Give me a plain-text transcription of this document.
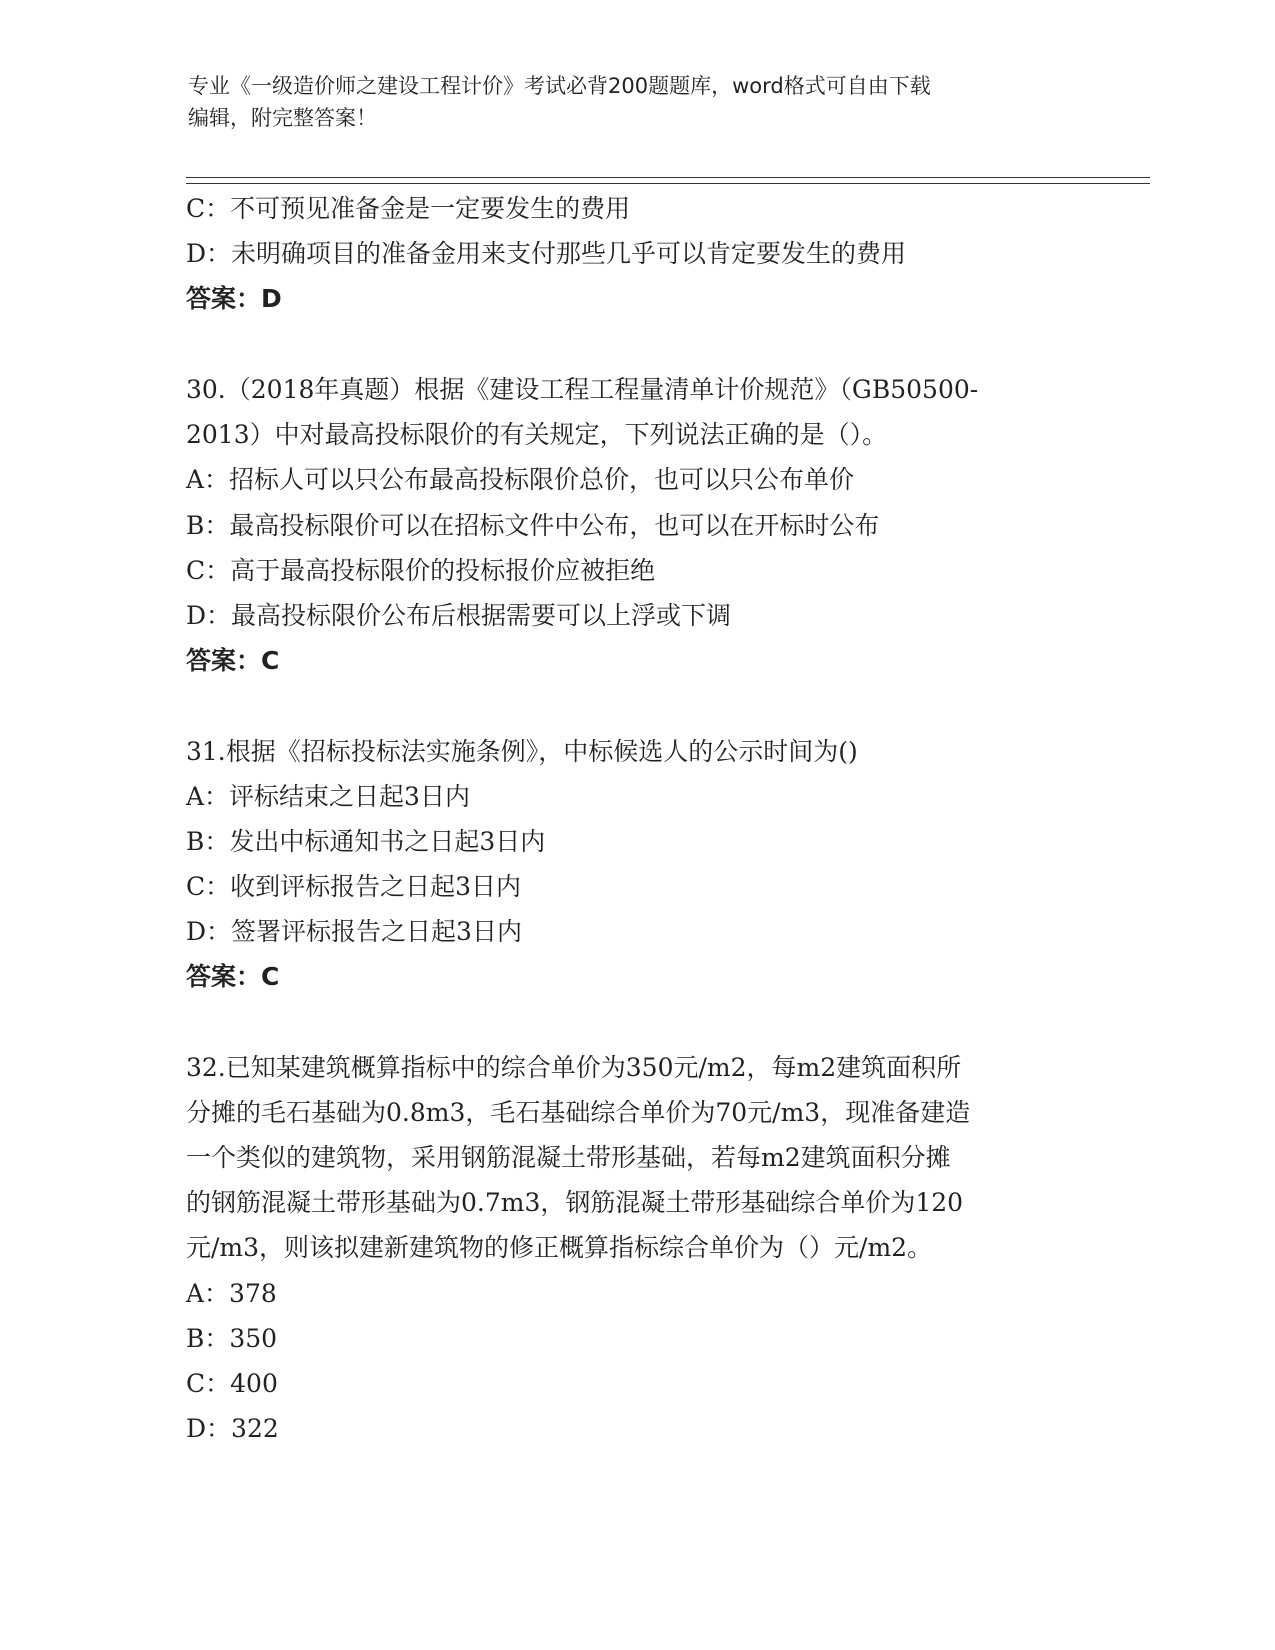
专业《一级造价师之建设工程计价》考试必背200题题库，word格式可自由下载
编辑，附完整答案！
C：不可预见准备金是一定要发生的费用
D：未明确项目的准备金用来支付那些几乎可以肯定要发生的费用
答案：D
30.（2018年真题）根据《建设工程工程量清单计价规范》（GB50500-
2013）中对最高投标限价的有关规定，下列说法正确的是（）。
A：招标人可以只公布最高投标限价总价，也可以只公布单价
B：最高投标限价可以在招标文件中公布，也可以在开标时公布
C：高于最高投标限价的投标报价应被拒绝
D：最高投标限价公布后根据需要可以上浮或下调
答案：C
31.根据《招标投标法实施条例》，中标候选人的公示时间为()
A：评标结束之日起3日内
B：发出中标通知书之日起3日内
C：收到评标报告之日起3日内
D：签署评标报告之日起3日内
答案：C
32.已知某建筑概算指标中的综合单价为350元/m2，每m2建筑面积所
分摊的毛石基础为0.8m3，毛石基础综合单价为70元/m3，现准备建造
一个类似的建筑物，采用钢筋混凝土带形基础，若每m2建筑面积分摊
的钢筋混凝土带形基础为0.7m3，钢筋混凝土带形基础综合单价为120
元/m3，则该拟建新建筑物的修正概算指标综合单价为（）元/m2。
A：378
B：350
C：400
D：322
